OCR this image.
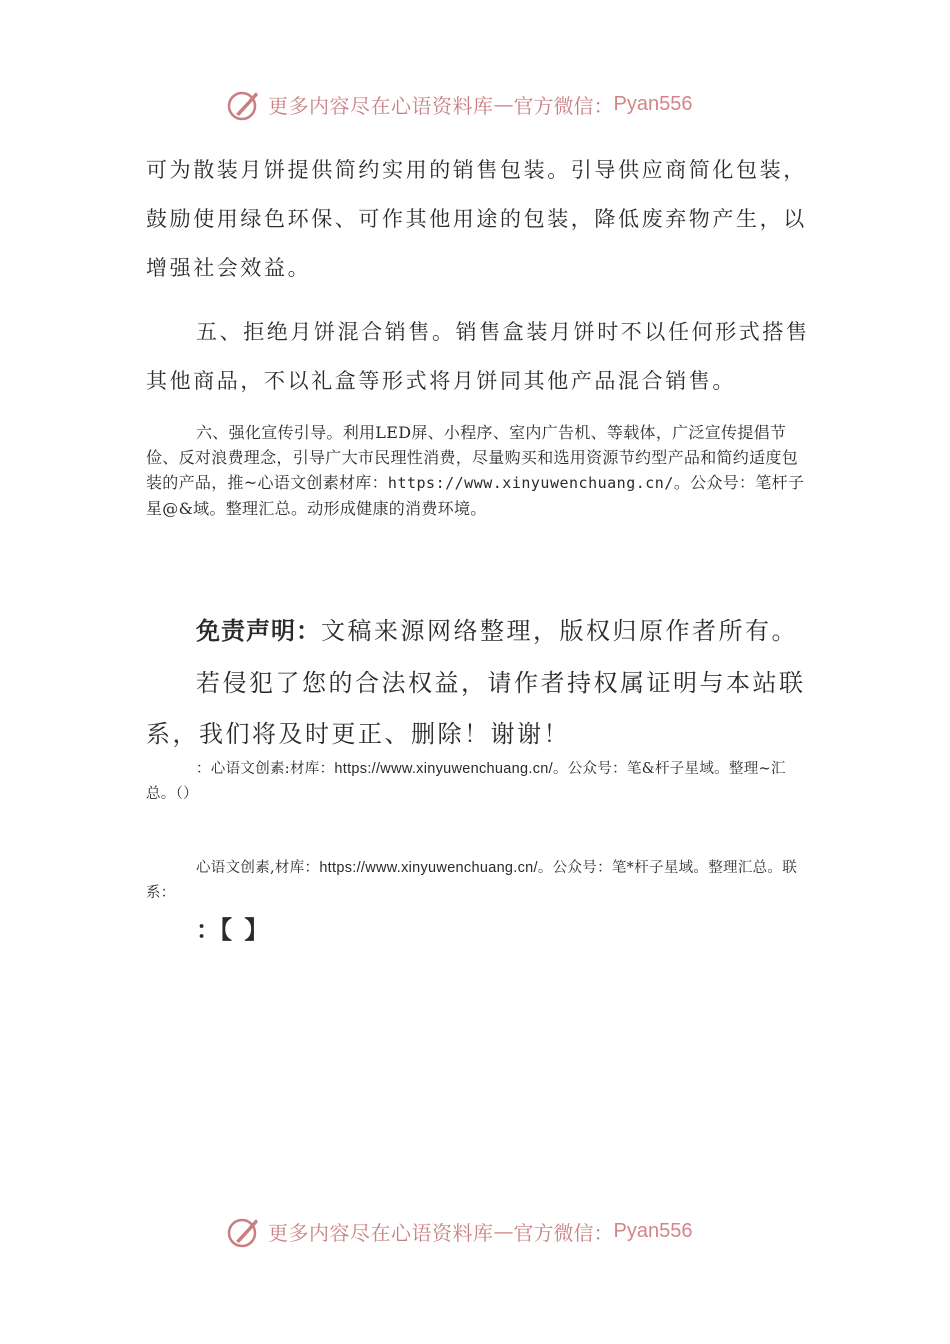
更多内容尽在心语资料库 — 官方微信： Pyan556

可为散装月饼提供简约实用的销售包装。引导供应商简化包装，鼓励使用绿色环保、可作其他用途的包装，降低废弃物产生，以增强社会效益。

五、拒绝月饼混合销售。销售盒装月饼时不以任何形式搭售其他商品，不以礼盒等形式将月饼同其他产品混合销售。

六、强化宣传引导。利用LED屏、小程序、室内广告机、等载体，广泛宣传提倡节俭、反对浪费理念，引导广大市民理性消费，尽量购买和选用资源节约型产品和简约适度包装的产品，推~心语文创素材库：https://www.xinyuwenchuang.cn/。公众号：笔杆子星@&域。整理汇总。动形成健康的消费环境。

免责声明：文稿来源网络整理，版权归原作者所有。

若侵犯了您的合法权益，请作者持权属证明与本站联系，我们将及时更正、删除！谢谢！

：心语文创素:材库：https://www.xinyuwenchuang.cn/。公众号：笔&杆子星域。整理~汇总。（）

心语文创素,材库：https://www.xinyuwenchuang.cn/。公众号：笔*杆子星域。整理汇总。联系：

：【 】

更多内容尽在心语资料库 — 官方微信： Pyan556
